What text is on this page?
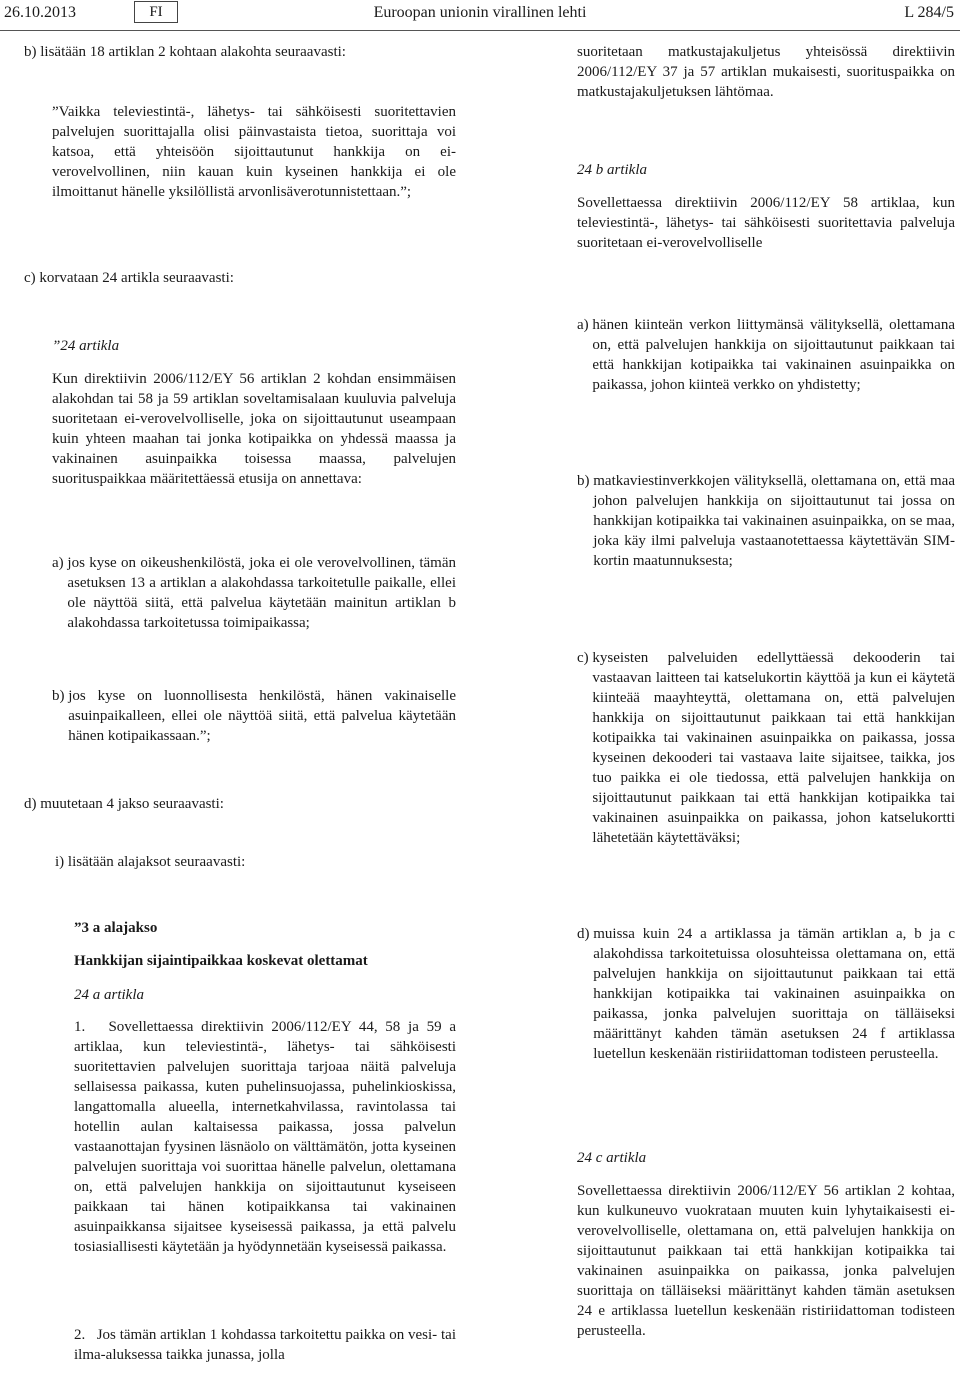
26.10.2013	FI	Euroopan unionin virallinen lehti	L 284/5
b) lisätään 18 artiklan 2 kohtaan alakohta seuraavasti:
”Vaikka televiestintä-, lähetys- tai sähköisesti suoritettavien palvelujen suorittajalla olisi päinvastaista tietoa, suorittaja voi katsoa, että yhteisöön sijoittautunut hankkija on ei-verovelvollinen, niin kauan kuin kyseinen hankkija ei ole ilmoittanut hänelle yksilöllistä arvonlisäverotunnistettaan.”;
c) korvataan 24 artikla seuraavasti:
”24 artikla
Kun direktiivin 2006/112/EY 56 artiklan 2 kohdan ensimmäisen alakohdan tai 58 ja 59 artiklan soveltamisalaan kuuluvia palveluja suoritetaan ei-verovelvolliselle, joka on sijoittautunut useampaan kuin yhteen maahan tai jonka kotipaikka on yhdessä maassa ja vakinainen asuinpaikka toisessa maassa, palvelujen suorituspaikkaa määritettäessä etusija on annettava:
a) jos kyse on oikeushenkilöstä, joka ei ole verovelvollinen, tämän asetuksen 13 a artiklan a alakohdassa tarkoitetulle paikalle, ellei ole näyttöä siitä, että palvelua käytetään mainitun artiklan b alakohdassa tarkoitetussa toimipaikassa;
b) jos kyse on luonnollisesta henkilöstä, hänen vakinaiselle asuinpaikalleen, ellei ole näyttöä siitä, että palvelua käytetään hänen kotipaikassaan.”;
d) muutetaan 4 jakso seuraavasti:
i) lisätään alajaksot seuraavasti:
”3 a alajakso
Hankkijan sijaintipaikkaa koskevat olettamat
24 a artikla
1.   Sovellettaessa direktiivin 2006/112/EY 44, 58 ja 59 a artiklaa, kun televiestintä-, lähetys- tai sähköisesti suoritettavien palvelujen suorittaja tarjoaa näitä palveluja sellaisessa paikassa, kuten puhelinsuojassa, puhelinkioskissa, langattomalla alueella, internetkahvilassa, ravintolassa tai hotellin aulan kaltaisessa paikassa, jossa palvelun vastaanottajan fyysinen läsnäolo on välttämätön, jotta kyseinen palvelujen suorittaja voi suorittaa hänelle palvelun, olettamana on, että palvelujen hankkija on sijoittautunut kyseiseen paikkaan tai hänen kotipaikkansa tai vakinainen asuinpaikkansa sijaitsee kyseisessä paikassa, ja että palvelu tosiasiallisesti käytetään ja hyödynnetään kyseisessä paikassa.
2.   Jos tämän artiklan 1 kohdassa tarkoitettu paikka on vesi- tai ilma-aluksessa taikka junassa, jolla
suoritetaan matkustajakuljetus yhteisössä direktiivin 2006/112/EY 37 ja 57 artiklan mukaisesti, suorituspaikka on matkustajakuljetuksen lähtömaa.
24 b artikla
Sovellettaessa direktiivin 2006/112/EY 58 artiklaa, kun televiestintä-, lähetys- tai sähköisesti suoritettavia palveluja suoritetaan ei-verovelvolliselle
a) hänen kiinteän verkon liittymänsä välityksellä, olettamana on, että palvelujen hankkija on sijoittautunut paikkaan tai että hankkijan kotipaikka tai vakinainen asuinpaikka on paikassa, johon kiinteä verkko on yhdistetty;
b) matkaviestinverkkojen välityksellä, olettamana on, että maa johon palvelujen hankkija on sijoittautunut tai jossa on hankkijan kotipaikka tai vakinainen asuinpaikka, on se maa, joka käy ilmi palveluja vastaanotettaessa käytettävän SIM-kortin maatunnuksesta;
c) kyseisten palveluiden edellyttäessä dekooderin tai vastaavan laitteen tai katselukortin käyttöä ja kun ei käytetä kiinteää maayhteyttä, olettamana on, että palvelujen hankkija on sijoittautunut paikkaan tai että hankkijan kotipaikka tai vakinainen asuinpaikka on paikassa, jossa kyseinen dekooderi tai vastaava laite sijaitsee, taikka, jos tuo paikka ei ole tiedossa, että palvelujen hankkija on sijoittautunut paikkaan tai että hankkijan kotipaikka tai vakinainen asuinpaikka on paikassa, johon katselukortti lähetetään käytettäväksi;
d) muissa kuin 24 a artiklassa ja tämän artiklan a, b ja c alakohdissa tarkoitetuissa olosuhteissa olettamana on, että palvelujen hankkija on sijoittautunut paikkaan tai että hankkijan kotipaikka tai vakinainen asuinpaikka on paikassa, jonka palvelujen suorittaja on tälläiseksi määrittänyt kahden tämän asetuksen 24 f artiklassa luetellun keskenään ristiriidattoman todisteen perusteella.
24 c artikla
Sovellettaessa direktiivin 2006/112/EY 56 artiklan 2 kohtaa, kun kulkuneuvo vuokrataan muuten kuin lyhytaikaisesti ei-verovelvolliselle, olettamana on, että palvelujen hankkija on sijoittautunut paikkaan tai että hankkijan kotipaikka tai vakinainen asuinpaikka on paikassa, jonka palvelujen suorittaja on tälläiseksi määrittänyt kahden tämän asetuksen 24 e artiklassa luetellun keskenään ristiriidattoman todisteen perusteella.
